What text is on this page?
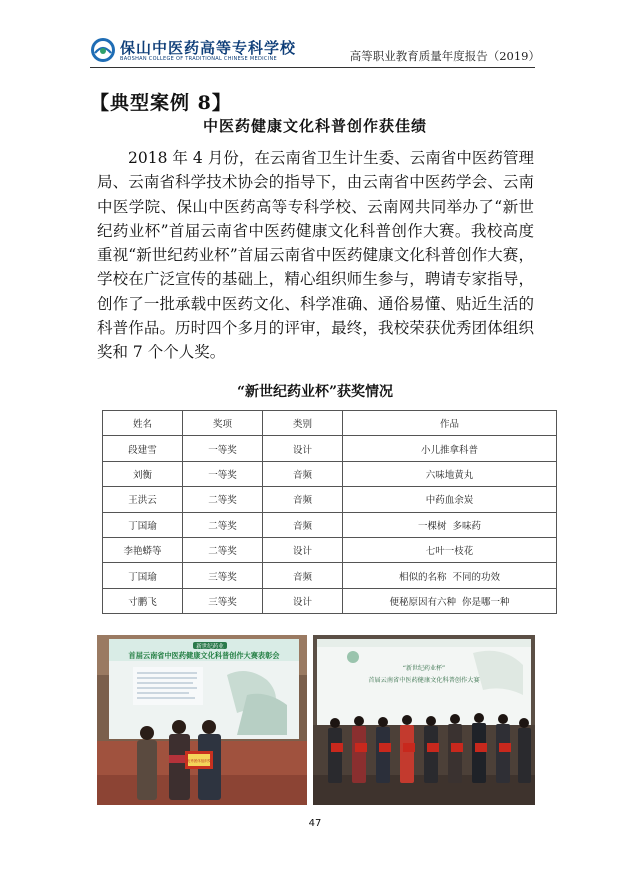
保山中医药高等专科学校
BAOSHAN COLLEGE OF TRADITIONAL CHINESE MEDICINE	高等职业教育质量年度报告（2019）
【典型案例 8】
中医药健康文化科普创作获佳绩

2018 年 4 月份，在云南省卫生计生委、云南省中医药管理局、云南省科学技术协会的指导下，由云南省中医药学会、云南中医学院、保山中医药高等专科学校、云南网共同举办了“新世纪药业杯”首届云南省中医药健康文化科普创作大赛。我校高度重视“新世纪药业杯”首届云南省中医药健康文化科普创作大赛，学校在广泛宣传的基础上，精心组织师生参与，聘请专家指导，创作了一批承载中医药文化、科学准确、通俗易懂、贴近生活的科普作品。历时四个多月的评审，最终，我校荣获优秀团体组织奖和 7 个个人奖。

“新世纪药业杯”获奖情况
姓名	奖项	类别	作品
段建雪	一等奖	设计	小儿推拿科普
刘衡	一等奖	音频	六味地黄丸
王洪云	二等奖	音频	中药血余炭
丁国瑜	二等奖	音频	一棵树  多味药
李艳蟒等	二等奖	设计	七叶一枝花
丁国瑜	三等奖	音频	相似的名称  不同的功效
寸鹏飞	三等奖	设计	便秘原因有六种  你是哪一种
新世纪药业
首届云南省中医药健康文化科普创作大赛表彰会
优秀团体组织奖
“新世纪药业杯”
首届云南省中医药健康文化科普创作大赛
47
